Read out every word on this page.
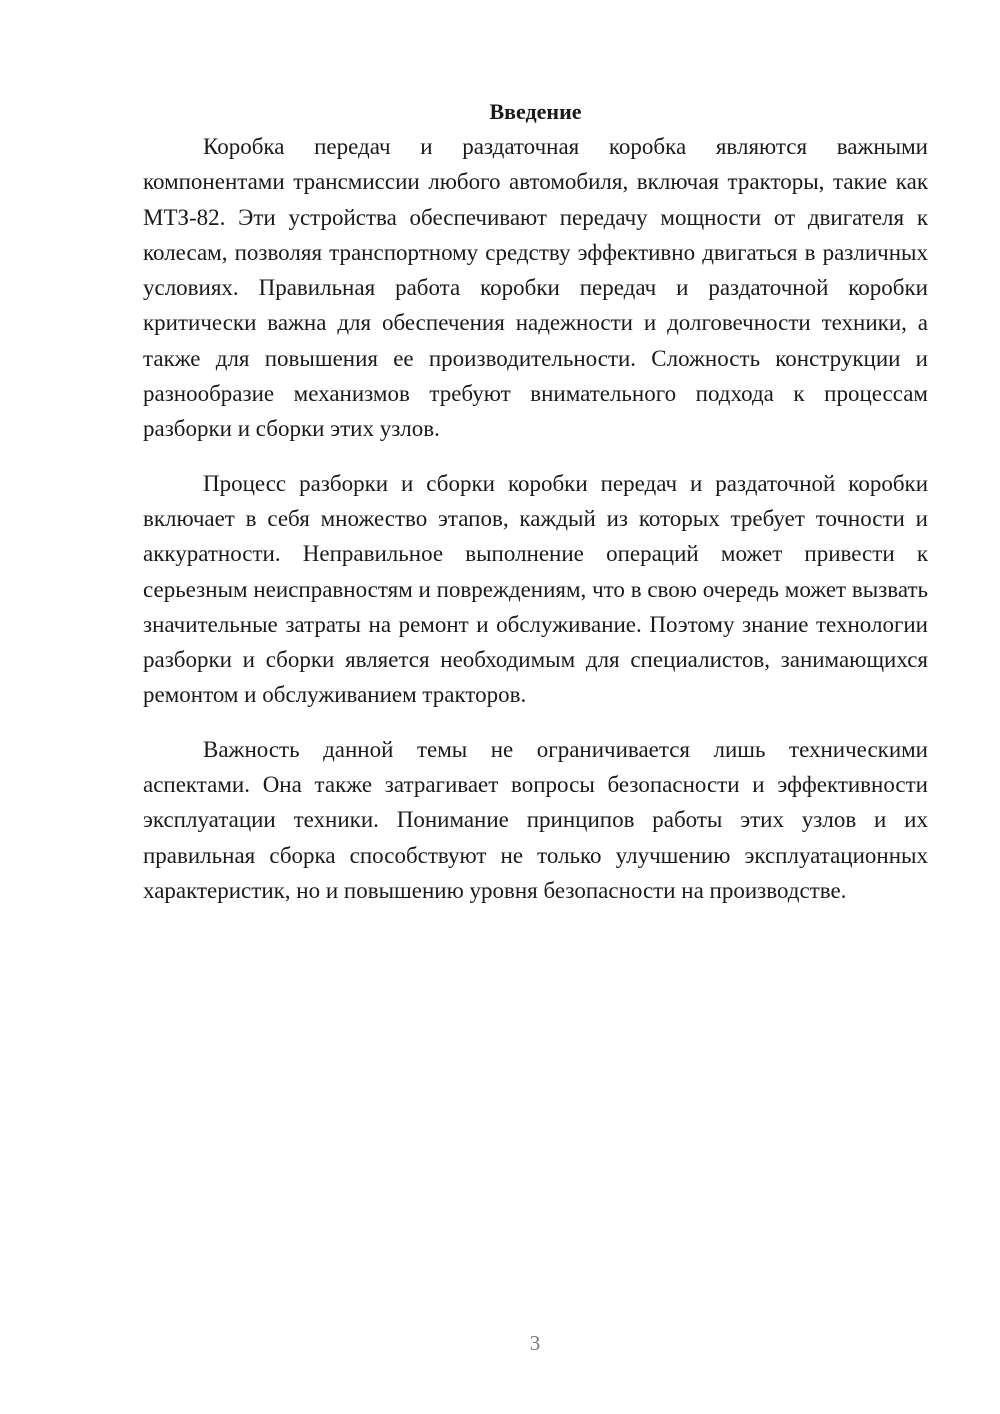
Введение

Коробка передач и раздаточная коробка являются важными компонентами трансмиссии любого автомобиля, включая тракторы, такие как МТЗ-82. Эти устройства обеспечивают передачу мощности от двигателя к колесам, позволяя транспортному средству эффективно двигаться в различных условиях. Правильная работа коробки передач и раздаточной коробки критически важна для обеспечения надежности и долговечности техники, а также для повышения ее производительности. Сложность конструкции и разнообразие механизмов требуют внимательного подхода к процессам разборки и сборки этих узлов.

Процесс разборки и сборки коробки передач и раздаточной коробки включает в себя множество этапов, каждый из которых требует точности и аккуратности. Неправильное выполнение операций может привести к серьезным неисправностям и повреждениям, что в свою очередь может вызвать значительные затраты на ремонт и обслуживание. Поэтому знание технологии разборки и сборки является необходимым для специалистов, занимающихся ремонтом и обслуживанием тракторов.

Важность данной темы не ограничивается лишь техническими аспектами. Она также затрагивает вопросы безопасности и эффективности эксплуатации техники. Понимание принципов работы этих узлов и их правильная сборка способствуют не только улучшению эксплуатационных характеристик, но и повышению уровня безопасности на производстве.

3
